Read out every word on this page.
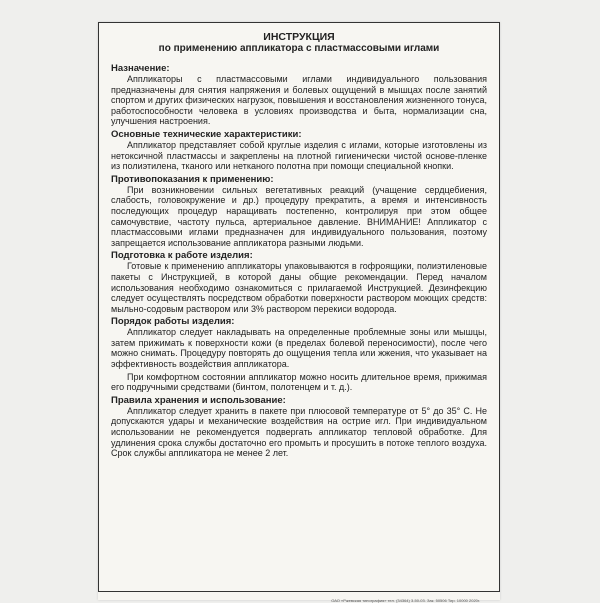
ИНСТРУКЦИЯ

по применению аппликатора с пластмассовыми иглами

Назначение:

Аппликаторы с пластмассовыми иглами индивидуального пользования предназначены для снятия напряжения и болевых ощущений в мышцах после занятий спортом и других физических нагрузок, повышения и восстановления жизненного тонуса, работоспособности человека в условиях производства и быта, нормализации сна, улучшения настроения.

Основные технические характеристики:

Аппликатор представляет собой круглые изделия с иглами, которые изготовлены из нетоксичной пластмассы и закреплены на плотной гигиенически чистой основе-пленке из полиэтилена, тканого или нетканого полотна при помощи специальной кнопки.

Противопоказания к применению:

При возникновении сильных вегетативных реакций (учащение сердцебиения, слабость, головокружение и др.) процедуру прекратить, а время и интенсивность последующих процедур наращивать постепенно, контролируя при этом общее самочувствие, частоту пульса, артериальное давление. ВНИМАНИЕ! Аппликатор с пластмассовыми иглами предназначен для индивидуального пользования, поэтому запрещается использование аппликатора разными людьми.

Подготовка к работе изделия:

Готовые к применению аппликаторы упаковываются в гофроящики, полиэтиленовые пакеты с Инструкцией, в которой даны общие рекомендации. Перед началом использования необходимо ознакомиться с прилагаемой Инструкцией. Дезинфекцию следует осуществлять посредством обработки поверхности раствором моющих средств: мыльно-содовым раствором или 3% раствором перекиси водорода.

Порядок работы изделия:

Аппликатор следует накладывать на определенные проблемные зоны или мышцы, затем прижимать к поверхности кожи (в пределах болевой переносимости), после чего можно снимать. Процедуру повторять до ощущения тепла или жжения, что указывает на эффективность воздействия аппликатора.

При комфортном состоянии аппликатор можно носить длительное время, прижимая его подручными средствами (бинтом, полотенцем и т. д.).

Правила хранения и использование:

Аппликатор следует хранить в пакете при плюсовой температуре от 5° до 35° С. Не допускаются удары и механические воздействия на острие игл. При индивидуальном использовании не рекомендуется подвергать аппликатор тепловой обработке. Для удлинения срока службы достаточно его промыть и просушить в потоке теплого воздуха. Срок службы аппликатора не менее 2 лет.

ОАО «Ржевская типография» тел. (34364) 3-50-03. Зак. 50506 Тир. 10000 2020г.
